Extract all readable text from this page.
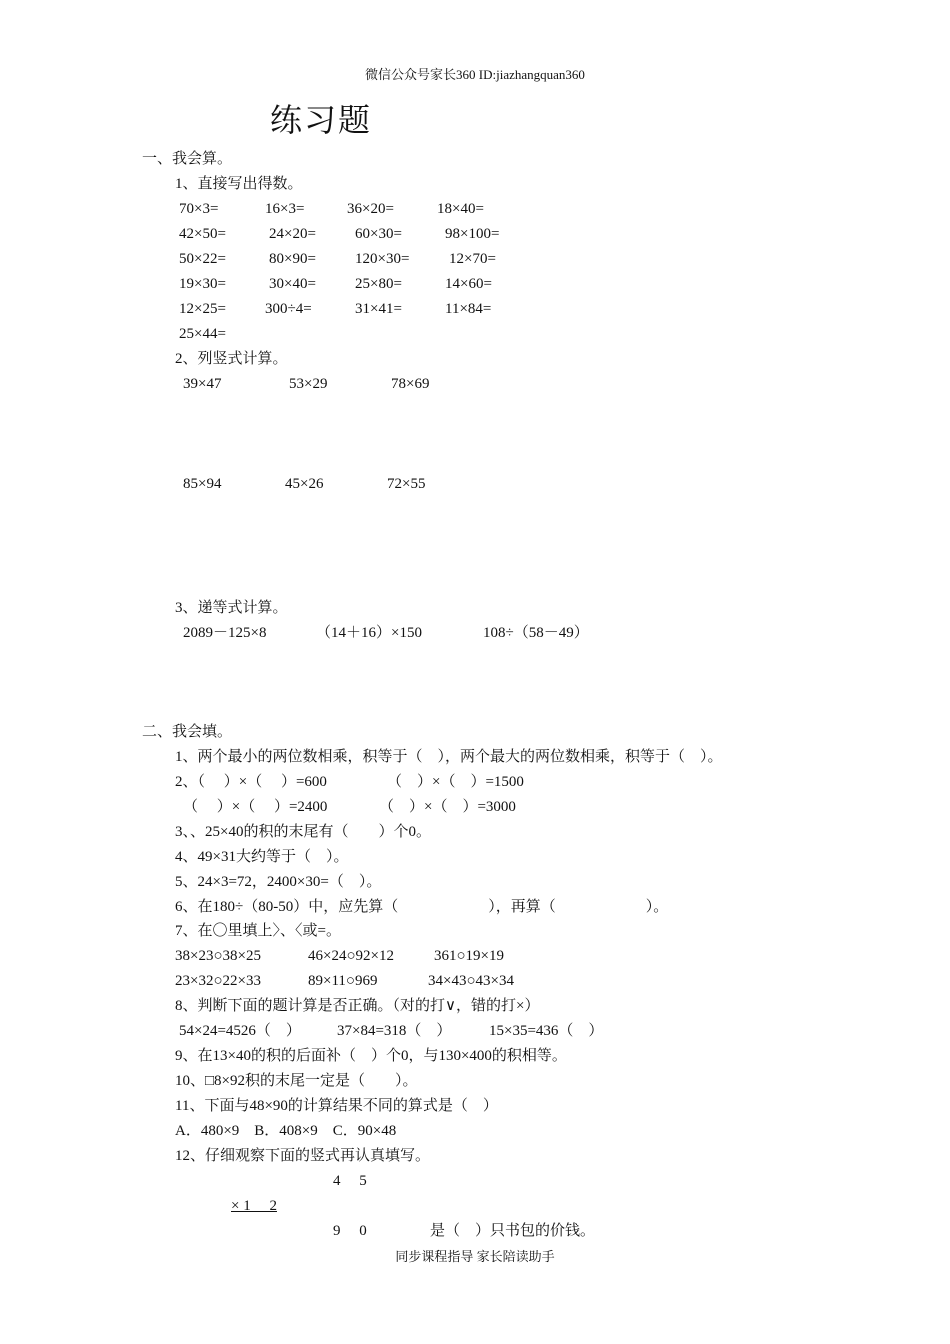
微信公众号家长360 ID:jiazhangquan360
练习题
一、我会算。
1、直接写出得数。
70×3=	16×3=	36×20=	18×40=
42×50=	24×20=	60×30=	98×100=
50×22=	80×90=	120×30=	12×70=
19×30=	30×40=	25×80=	14×60=
12×25=	300÷4=	31×41=	11×84=
25×44=
2、列竖式计算。
39×47	53×29	78×69
85×94	45×26	72×55
3、递等式计算。
2089－125×8	（14＋16）×150	108÷（58－49）
二、我会填。
1、两个最小的两位数相乘，积等于（　），两个最大的两位数相乘，积等于（　）。
2、（　 ）×（　 ）=600	（　）×（　）=1500
（　 ）×（　 ）=2400	（　）×（　）=3000
3、、25×40的积的末尾有（　　）个0。
4、49×31大约等于（　）。
5、24×3=72，2400×30=（　）。
6、在180÷（80-50）中，应先算（　　　　　　），再算（　　　　　　）。
7、在〇里填上〉、〈或=。
38×23○38×25	46×24○92×12	361○19×19
23×32○22×33	89×11○969	34×43○43×34
8、判断下面的题计算是否正确。（对的打∨，错的打×）
54×24=4526（　） 37×84=318（　）	15×35=436（　）
9、在13×40的积的后面补（　）个0，与130×400的积相等。
10、□8×92积的末尾一定是（　　）。
11、下面与48×90的计算结果不同的算式是（　）
A．480×9　B．408×9　C．90×48
12、仔细观察下面的竖式再认真填写。
4　 5
× 1　 2
9　 0	是（　）只书包的价钱。
同步课程指导 家长陪读助手
